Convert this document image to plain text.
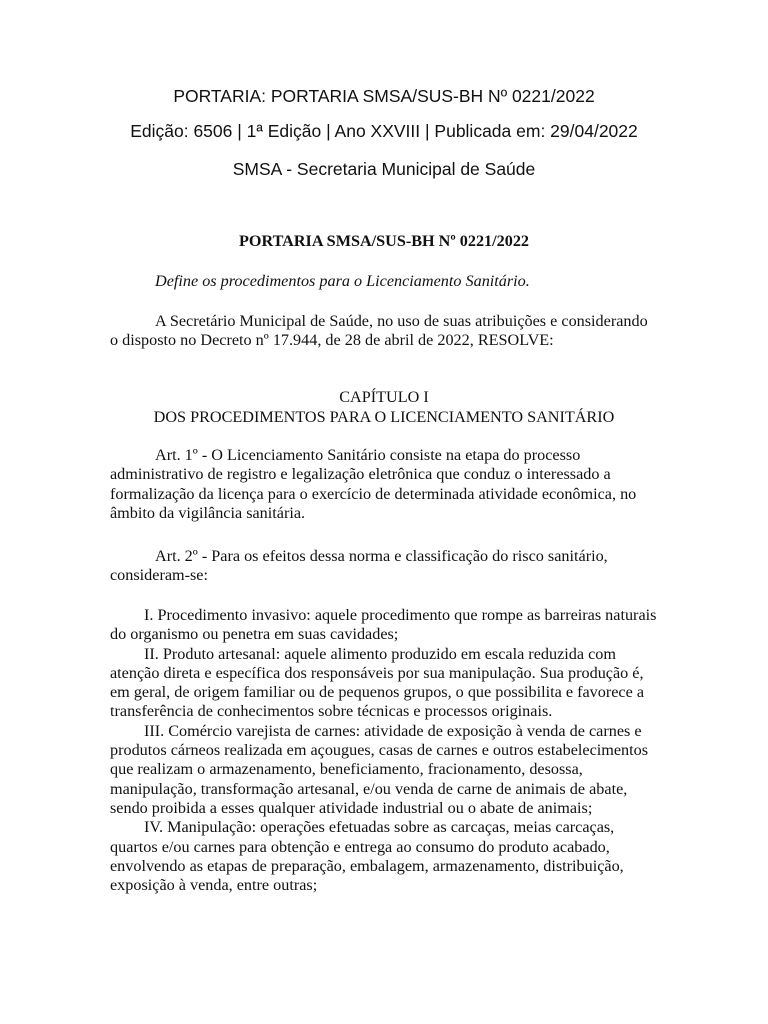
PORTARIA: PORTARIA SMSA/SUS-BH Nº 0221/2022
Edição: 6506 | 1ª Edição | Ano XXVIII | Publicada em: 29/04/2022
SMSA - Secretaria Municipal de Saúde
PORTARIA SMSA/SUS-BH Nº 0221/2022
Define os procedimentos para o Licenciamento Sanitário.
A Secretário Municipal de Saúde, no uso de suas atribuições e considerando o disposto no Decreto nº 17.944, de 28 de abril de 2022, RESOLVE:
CAPÍTULO I
DOS PROCEDIMENTOS PARA O LICENCIAMENTO SANITÁRIO
Art. 1º - O Licenciamento Sanitário consiste na etapa do processo administrativo de registro e legalização eletrônica que conduz o interessado a formalização da licença para o exercício de determinada atividade econômica, no âmbito da vigilância sanitária.
Art. 2º - Para os efeitos dessa norma e classificação do risco sanitário, consideram-se:

I. Procedimento invasivo: aquele procedimento que rompe as barreiras naturais do organismo ou penetra em suas cavidades;

II. Produto artesanal: aquele alimento produzido em escala reduzida com atenção direta e específica dos responsáveis por sua manipulação. Sua produção é, em geral, de origem familiar ou de pequenos grupos, o que possibilita e favorece a transferência de conhecimentos sobre técnicas e processos originais.

III. Comércio varejista de carnes: atividade de exposição à venda de carnes e produtos cárneos realizada em açougues, casas de carnes e outros estabelecimentos que realizam o armazenamento, beneficiamento, fracionamento, desossa, manipulação, transformação artesanal, e/ou venda de carne de animais de abate, sendo proibida a esses qualquer atividade industrial ou o abate de animais;

IV. Manipulação: operações efetuadas sobre as carcaças, meias carcaças, quartos e/ou carnes para obtenção e entrega ao consumo do produto acabado, envolvendo as etapas de preparação, embalagem, armazenamento, distribuição, exposição à venda, entre outras;
